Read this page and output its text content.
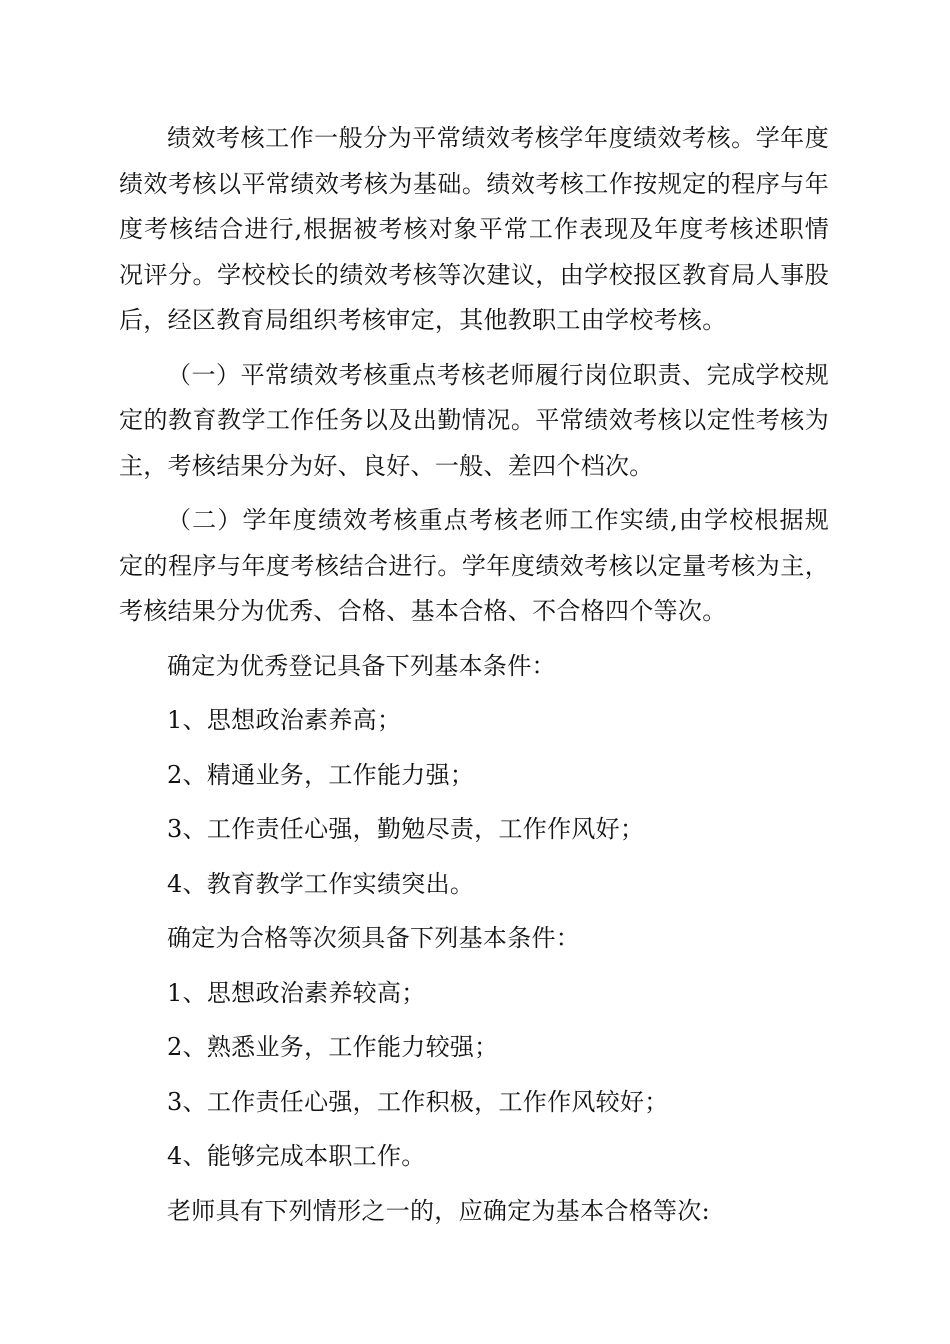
绩效考核工作一般分为平常绩效考核学年度绩效考核。学年度绩效考核以平常绩效考核为基础。绩效考核工作按规定的程序与年度考核结合进行,根据被考核对象平常工作表现及年度考核述职情况评分。学校校长的绩效考核等次建议，由学校报区教育局人事股后，经区教育局组织考核审定，其他教职工由学校考核。

（一）平常绩效考核重点考核老师履行岗位职责、完成学校规定的教育教学工作任务以及出勤情况。平常绩效考核以定性考核为主，考核结果分为好、良好、一般、差四个档次。

（二）学年度绩效考核重点考核老师工作实绩,由学校根据规定的程序与年度考核结合进行。学年度绩效考核以定量考核为主，考核结果分为优秀、合格、基本合格、不合格四个等次。

确定为优秀登记具备下列基本条件：

1、思想政治素养高；

2、精通业务，工作能力强；

3、工作责任心强，勤勉尽责，工作作风好；

4、教育教学工作实绩突出。

确定为合格等次须具备下列基本条件：

1、思想政治素养较高；

2、熟悉业务，工作能力较强；

3、工作责任心强，工作积极，工作作风较好；

4、能够完成本职工作。

老师具有下列情形之一的，应确定为基本合格等次:
